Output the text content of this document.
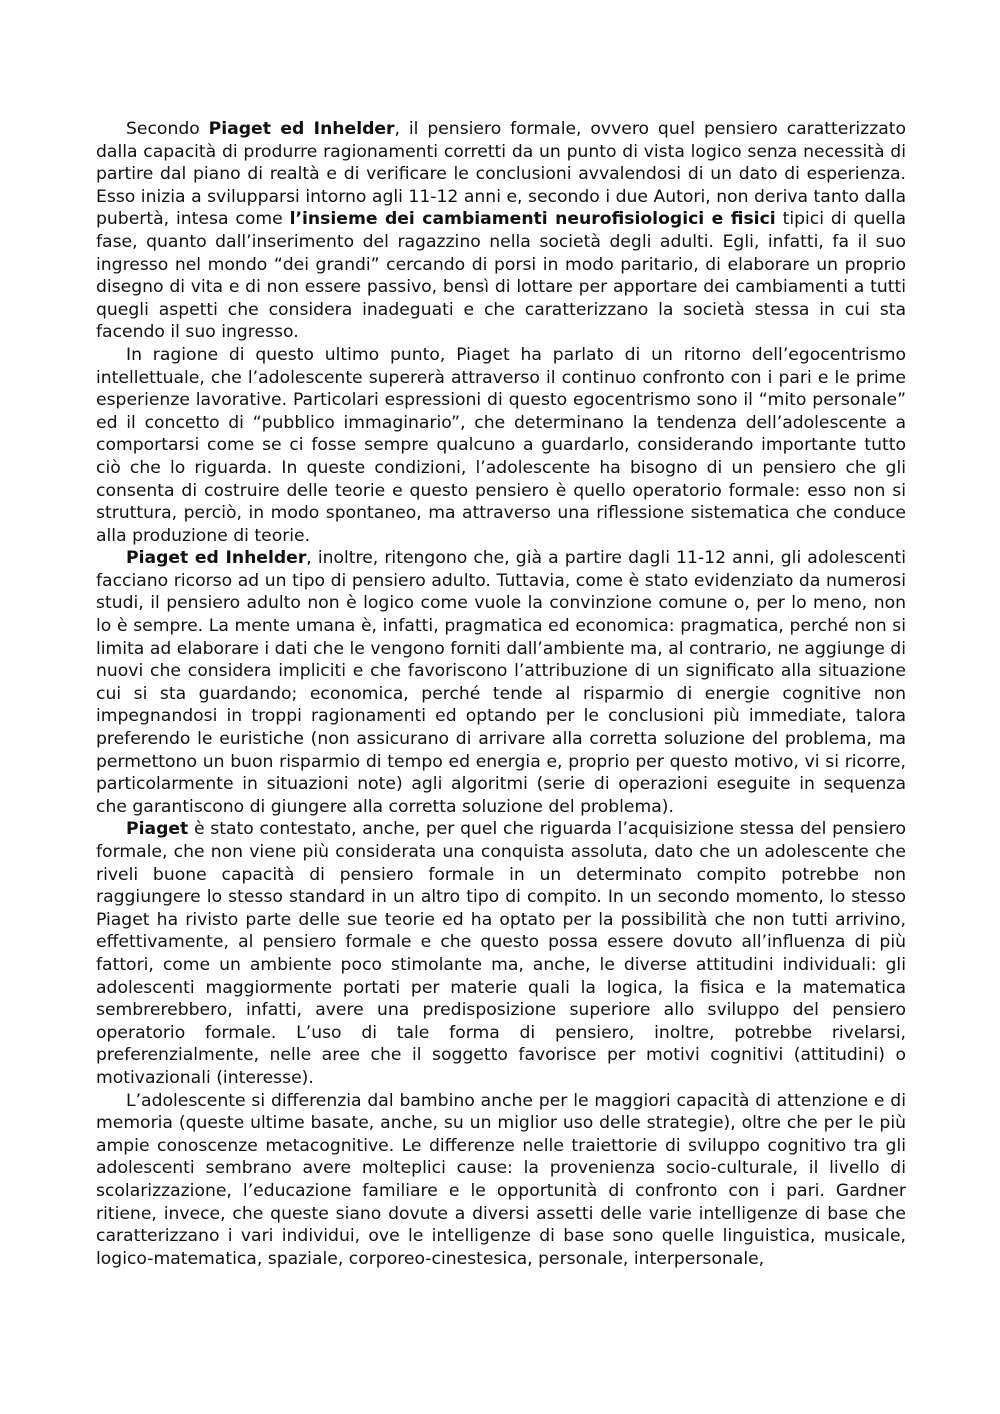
Secondo Piaget ed Inhelder, il pensiero formale, ovvero quel pensiero caratterizzato dalla capacità di produrre ragionamenti corretti da un punto di vista logico senza necessità di partire dal piano di realtà e di verificare le conclusioni avvalendosi di un dato di esperienza. Esso inizia a svilupparsi intorno agli 11-12 anni e, secondo i due Autori, non deriva tanto dalla pubertà, intesa come l’insieme dei cambiamenti neurofisiologici e fisici tipici di quella fase, quanto dall’inserimento del ragazzino nella società degli adulti. Egli, infatti, fa il suo ingresso nel mondo “dei grandi” cercando di porsi in modo paritario, di elaborare un proprio disegno di vita e di non essere passivo, bensì di lottare per apportare dei cambiamenti a tutti quegli aspetti che considera inadeguati e che caratterizzano la società stessa in cui sta facendo il suo ingresso.

In ragione di questo ultimo punto, Piaget ha parlato di un ritorno dell’egocentrismo intellettuale, che l’adolescente supererà attraverso il continuo confronto con i pari e le prime esperienze lavorative. Particolari espressioni di questo egocentrismo sono il “mito personale” ed il concetto di “pubblico immaginario”, che determinano la tendenza dell’adolescente a comportarsi come se ci fosse sempre qualcuno a guardarlo, considerando importante tutto ciò che lo riguarda. In queste condizioni, l’adolescente ha bisogno di un pensiero che gli consenta di costruire delle teorie e questo pensiero è quello operatorio formale: esso non si struttura, perciò, in modo spontaneo, ma attraverso una riflessione sistematica che conduce alla produzione di teorie.

Piaget ed Inhelder, inoltre, ritengono che, già a partire dagli 11-12 anni, gli adolescenti facciano ricorso ad un tipo di pensiero adulto. Tuttavia, come è stato evidenziato da numerosi studi, il pensiero adulto non è logico come vuole la convinzione comune o, per lo meno, non lo è sempre. La mente umana è, infatti, pragmatica ed economica: pragmatica, perché non si limita ad elaborare i dati che le vengono forniti dall’ambiente ma, al contrario, ne aggiunge di nuovi che considera impliciti e che favoriscono l’attribuzione di un significato alla situazione cui si sta guardando; economica, perché tende al risparmio di energie cognitive non impegnandosi in troppi ragionamenti ed optando per le conclusioni più immediate, talora preferendo le euristiche (non assicurano di arrivare alla corretta soluzione del problema, ma permettono un buon risparmio di tempo ed energia e, proprio per questo motivo, vi si ricorre, particolarmente in situazioni note) agli algoritmi (serie di operazioni eseguite in sequenza che garantiscono di giungere alla corretta soluzione del problema).

Piaget è stato contestato, anche, per quel che riguarda l’acquisizione stessa del pensiero formale, che non viene più considerata una conquista assoluta, dato che un adolescente che riveli buone capacità di pensiero formale in un determinato compito potrebbe non raggiungere lo stesso standard in un altro tipo di compito. In un secondo momento, lo stesso Piaget ha rivisto parte delle sue teorie ed ha optato per la possibilità che non tutti arrivino, effettivamente, al pensiero formale e che questo possa essere dovuto all’influenza di più fattori, come un ambiente poco stimolante ma, anche, le diverse attitudini individuali: gli adolescenti maggiormente portati per materie quali la logica, la fisica e la matematica sembrerebbero, infatti, avere una predisposizione superiore allo sviluppo del pensiero operatorio formale. L’uso di tale forma di pensiero, inoltre, potrebbe rivelarsi, preferenzialmente, nelle aree che il soggetto favorisce per motivi cognitivi (attitudini) o motivazionali (interesse).

L’adolescente si differenzia dal bambino anche per le maggiori capacità di attenzione e di memoria (queste ultime basate, anche, su un miglior uso delle strategie), oltre che per le più ampie conoscenze metacognitive. Le differenze nelle traiettorie di sviluppo cognitivo tra gli adolescenti sembrano avere molteplici cause: la provenienza socio-culturale, il livello di scolarizzazione, l’educazione familiare e le opportunità di confronto con i pari. Gardner ritiene, invece, che queste siano dovute a diversi assetti delle varie intelligenze di base che caratterizzano i vari individui, ove le intelligenze di base sono quelle linguistica, musicale, logico-matematica, spaziale, corporeo-cinestesica, personale, interpersonale,
